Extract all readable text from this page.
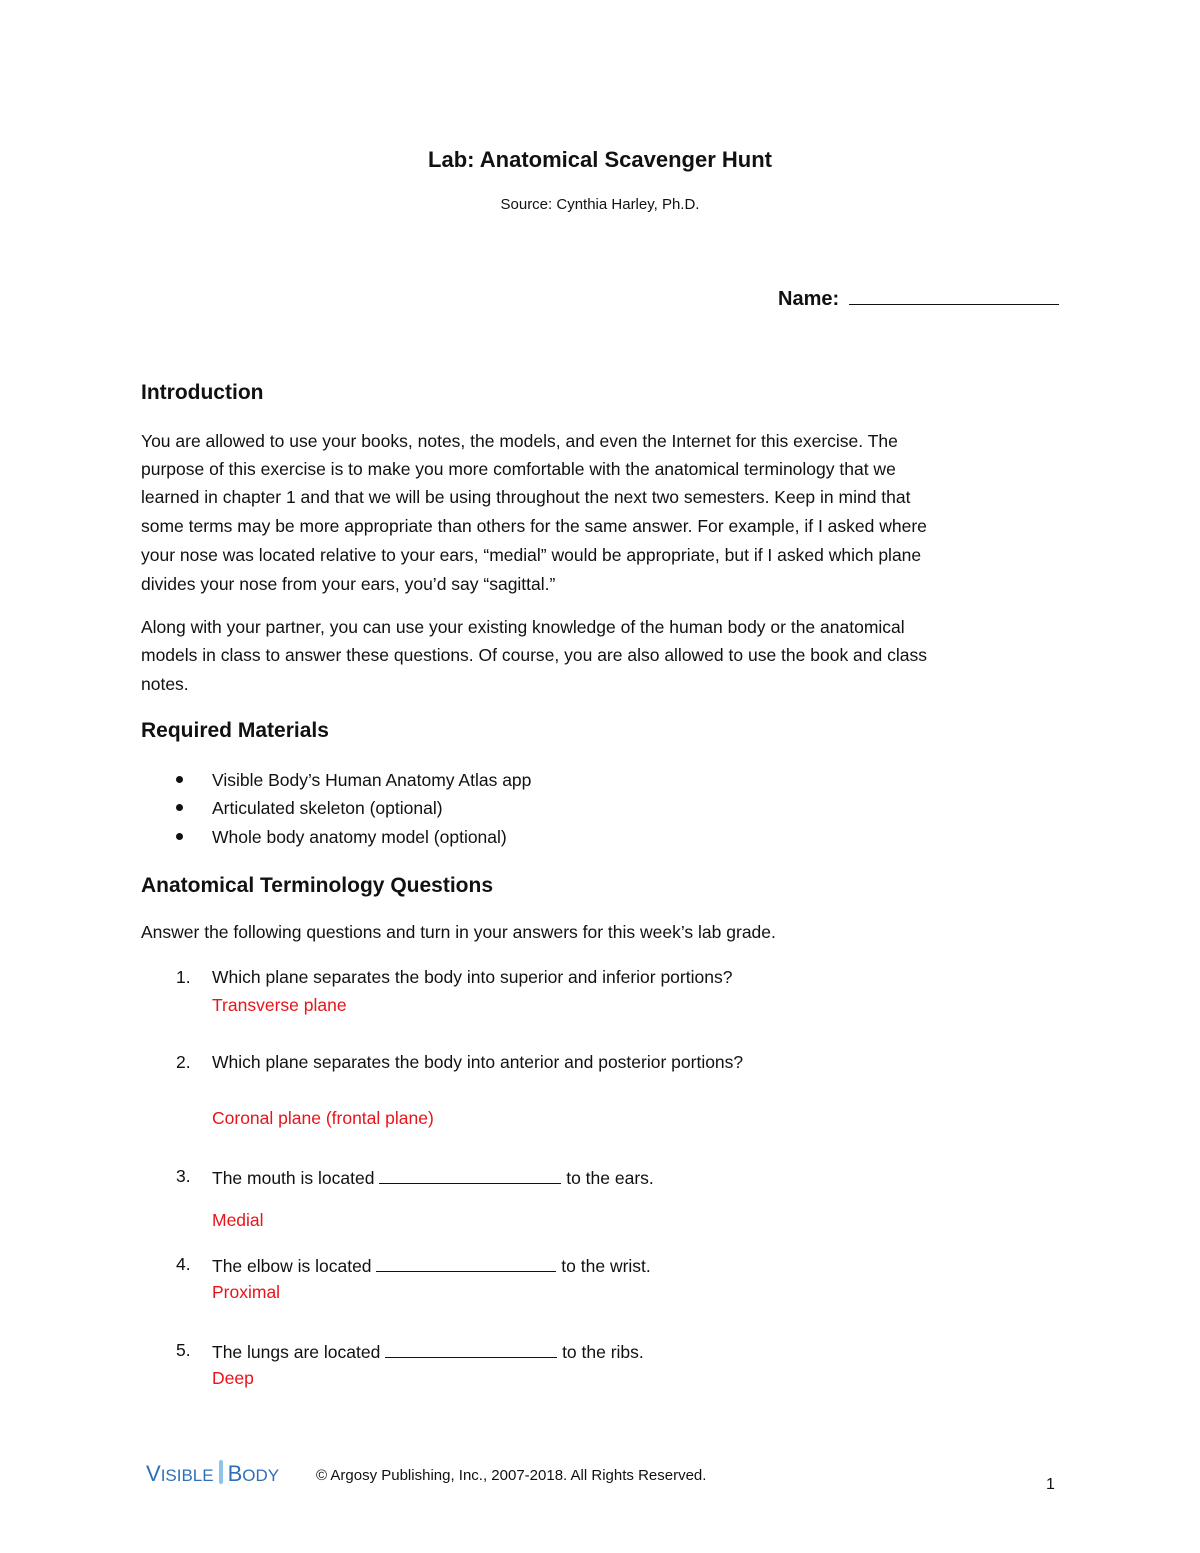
Lab: Anatomical Scavenger Hunt
Source: Cynthia Harley, Ph.D.
Name:
Introduction
You are allowed to use your books, notes, the models, and even the Internet for this exercise. The
purpose of this exercise is to make you more comfortable with the anatomical terminology that we
learned in chapter 1 and that we will be using throughout the next two semesters. Keep in mind that
some terms may be more appropriate than others for the same answer. For example, if I asked where
your nose was located relative to your ears, “medial” would be appropriate, but if I asked which plane
divides your nose from your ears, you’d say “sagittal.”
Along with your partner, you can use your existing knowledge of the human body or the anatomical
models in class to answer these questions. Of course, you are also allowed to use the book and class
notes.
Required Materials
Visible Body’s Human Anatomy Atlas app
Articulated skeleton (optional)
Whole body anatomy model (optional)
Anatomical Terminology Questions
Answer the following questions and turn in your answers for this week’s lab grade.
1. Which plane separates the body into superior and inferior portions?
Transverse plane
2. Which plane separates the body into anterior and posterior portions?
Coronal plane (frontal plane)
3. The mouth is located	to the ears.
Medial
4. The elbow is located	to the wrist.
Proximal
5. The lungs are located	to the ribs.
Deep
VISIBLE BODY © Argosy Publishing, Inc., 2007-2018. All Rights Reserved.
1
